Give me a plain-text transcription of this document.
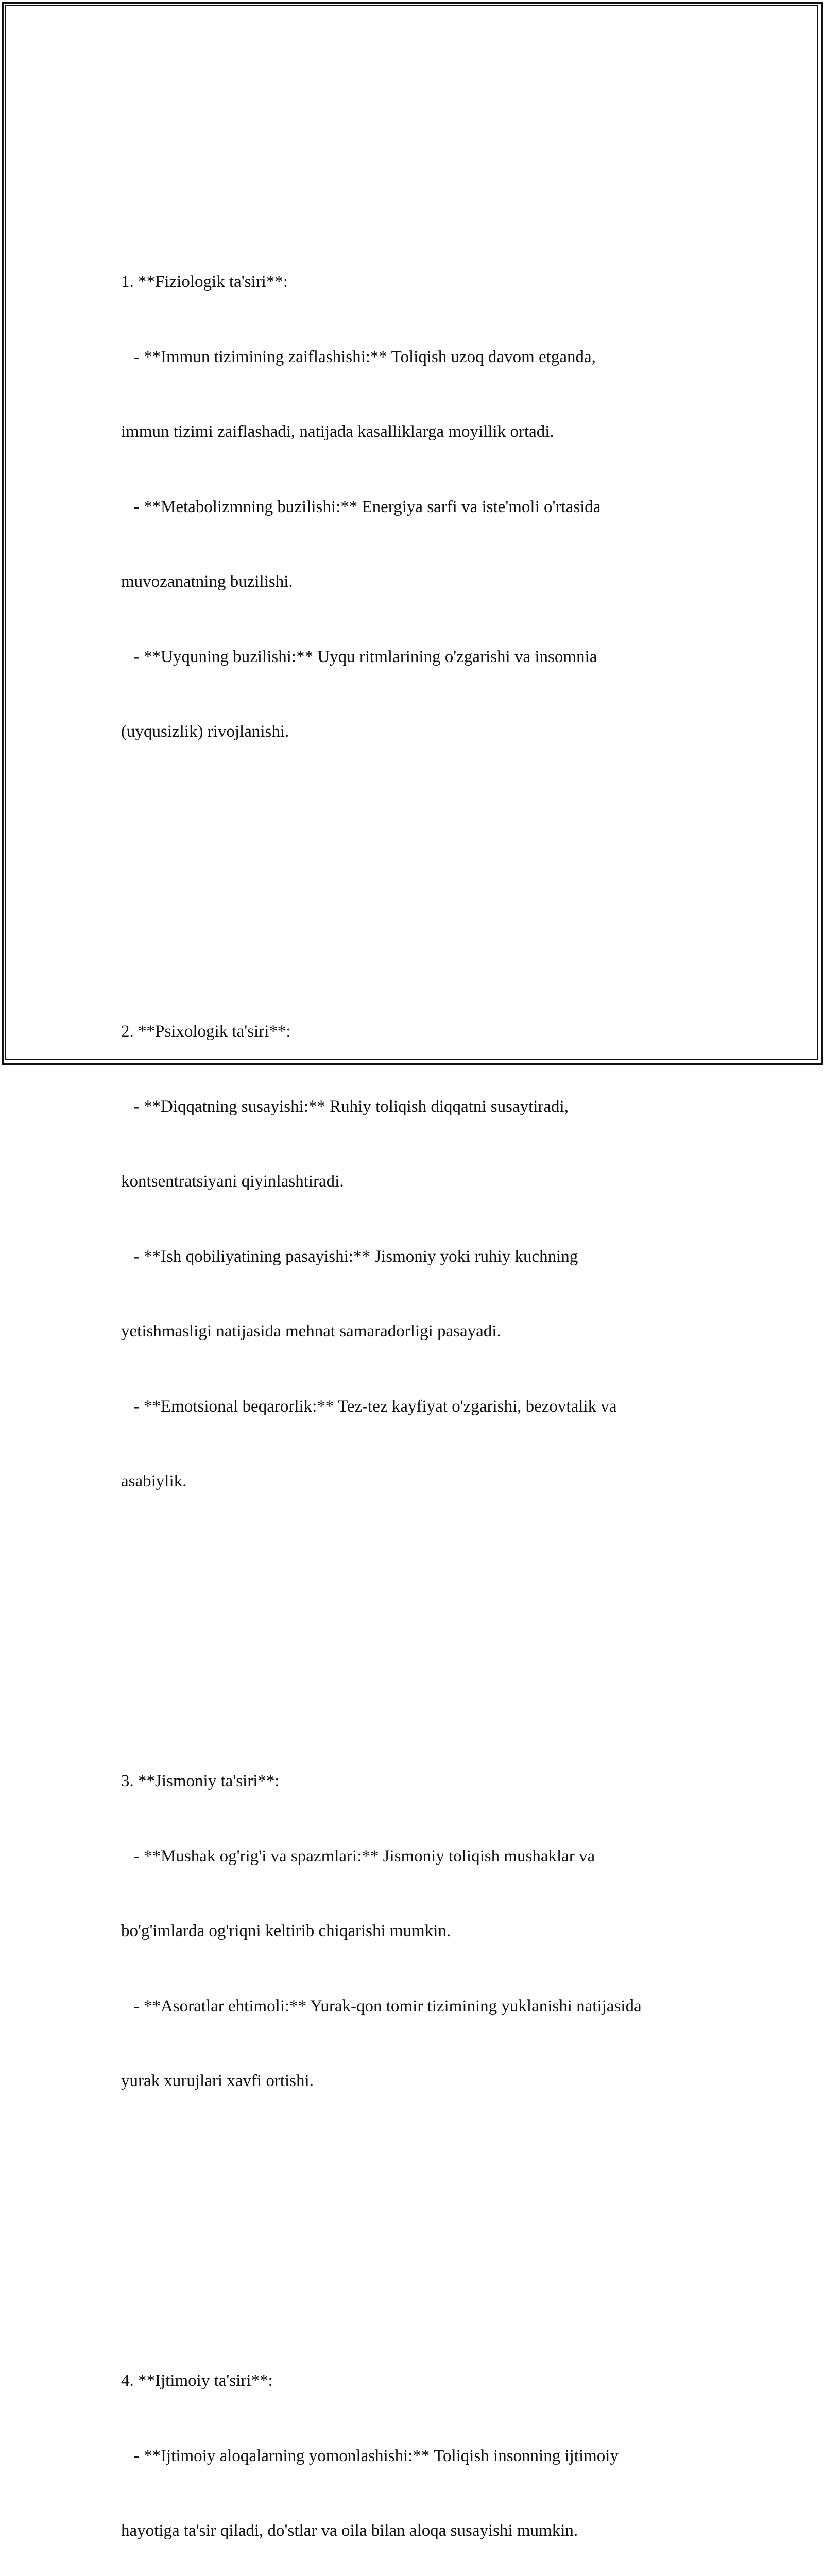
1. **Fiziologik ta'siri**:

- **Immun tizimining zaiflashishi:** Toliqish uzoq davom etganda,

immun tizimi zaiflashadi, natijada kasalliklarga moyillik ortadi.

- **Metabolizmning buzilishi:** Energiya sarfi va iste'moli o'rtasida

muvozanatning buzilishi.

- **Uyquning buzilishi:** Uyqu ritmlarining o'zgarishi va insomnia

(uyqusizlik) rivojlanishi.

2. **Psixologik ta'siri**:

- **Diqqatning susayishi:** Ruhiy toliqish diqqatni susaytiradi,

kontsentratsiyani qiyinlashtiradi.

- **Ish qobiliyatining pasayishi:** Jismoniy yoki ruhiy kuchning

yetishmasligi natijasida mehnat samaradorligi pasayadi.

- **Emotsional beqarorlik:** Tez-tez kayfiyat o'zgarishi, bezovtalik va

asabiylik.

3. **Jismoniy ta'siri**:

- **Mushak og'rig'i va spazmlari:** Jismoniy toliqish mushaklar va

bo'g'imlarda og'riqni keltirib chiqarishi mumkin.

- **Asoratlar ehtimoli:** Yurak-qon tomir tizimining yuklanishi natijasida

yurak xurujlari xavfi ortishi.

4. **Ijtimoiy ta'siri**:

- **Ijtimoiy aloqalarning yomonlashishi:** Toliqish insonning ijtimoiy

hayotiga ta'sir qiladi, do'stlar va oila bilan aloqa susayishi mumkin.
